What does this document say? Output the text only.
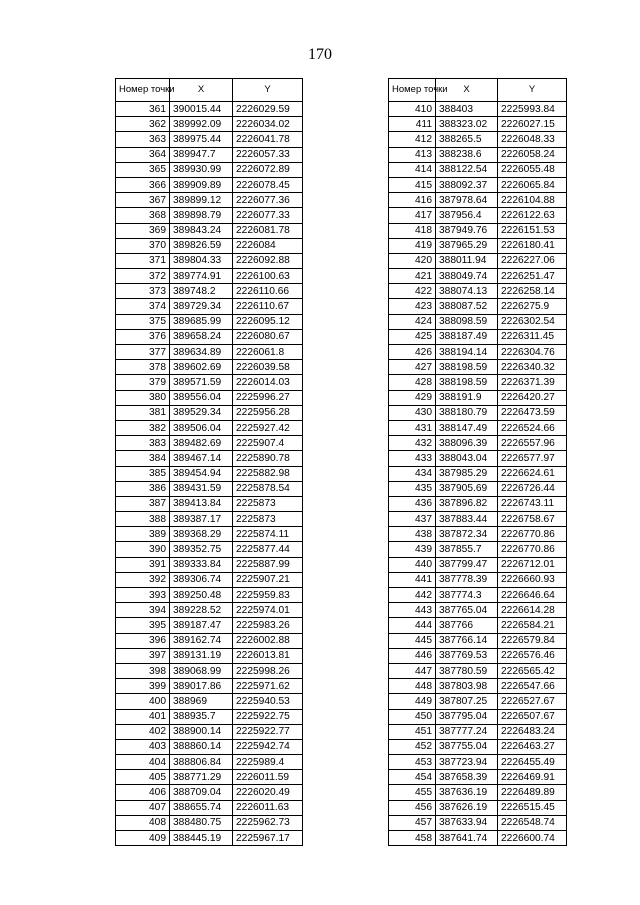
170
Номер точки	X	Y
361	390015.44	2226029.59
362	389992.09	2226034.02
363	389975.44	2226041.78
364	389947.7	2226057.33
365	389930.99	2226072.89
366	389909.89	2226078.45
367	389899.12	2226077.36
368	389898.79	2226077.33
369	389843.24	2226081.78
370	389826.59	2226084
371	389804.33	2226092.88
372	389774.91	2226100.63
373	389748.2	2226110.66
374	389729.34	2226110.67
375	389685.99	2226095.12
376	389658.24	2226080.67
377	389634.89	2226061.8
378	389602.69	2226039.58
379	389571.59	2226014.03
380	389556.04	2225996.27
381	389529.34	2225956.28
382	389506.04	2225927.42
383	389482.69	2225907.4
384	389467.14	2225890.78
385	389454.94	2225882.98
386	389431.59	2225878.54
387	389413.84	2225873
388	389387.17	2225873
389	389368.29	2225874.11
390	389352.75	2225877.44
391	389333.84	2225887.99
392	389306.74	2225907.21
393	389250.48	2225959.83
394	389228.52	2225974.01
395	389187.47	2225983.26
396	389162.74	2226002.88
397	389131.19	2226013.81
398	389068.99	2225998.26
399	389017.86	2225971.62
400	388969	2225940.53
401	388935.7	2225922.75
402	388900.14	2225922.77
403	388860.14	2225942.74
404	388806.84	2225989.4
405	388771.29	2226011.59
406	388709.04	2226020.49
407	388655.74	2226011.63
408	388480.75	2225962.73
409	388445.19	2225967.17
Номер точки	X	Y
410	388403	2225993.84
411	388323.02	2226027.15
412	388265.5	2226048.33
413	388238.6	2226058.24
414	388122.54	2226055.48
415	388092.37	2226065.84
416	387978.64	2226104.88
417	387956.4	2226122.63
418	387949.76	2226151.53
419	387965.29	2226180.41
420	388011.94	2226227.06
421	388049.74	2226251.47
422	388074.13	2226258.14
423	388087.52	2226275.9
424	388098.59	2226302.54
425	388187.49	2226311.45
426	388194.14	2226304.76
427	388198.59	2226340.32
428	388198.59	2226371.39
429	388191.9	2226420.27
430	388180.79	2226473.59
431	388147.49	2226524.66
432	388096.39	2226557.96
433	388043.04	2226577.97
434	387985.29	2226624.61
435	387905.69	2226726.44
436	387896.82	2226743.11
437	387883.44	2226758.67
438	387872.34	2226770.86
439	387855.7	2226770.86
440	387799.47	2226712.01
441	387778.39	2226660.93
442	387774.3	2226646.64
443	387765.04	2226614.28
444	387766	2226584.21
445	387766.14	2226579.84
446	387769.53	2226576.46
447	387780.59	2226565.42
448	387803.98	2226547.66
449	387807.25	2226527.67
450	387795.04	2226507.67
451	387777.24	2226483.24
452	387755.04	2226463.27
453	387723.94	2226455.49
454	387658.39	2226469.91
455	387636.19	2226489.89
456	387626.19	2226515.45
457	387633.94	2226548.74
458	387641.74	2226600.74
